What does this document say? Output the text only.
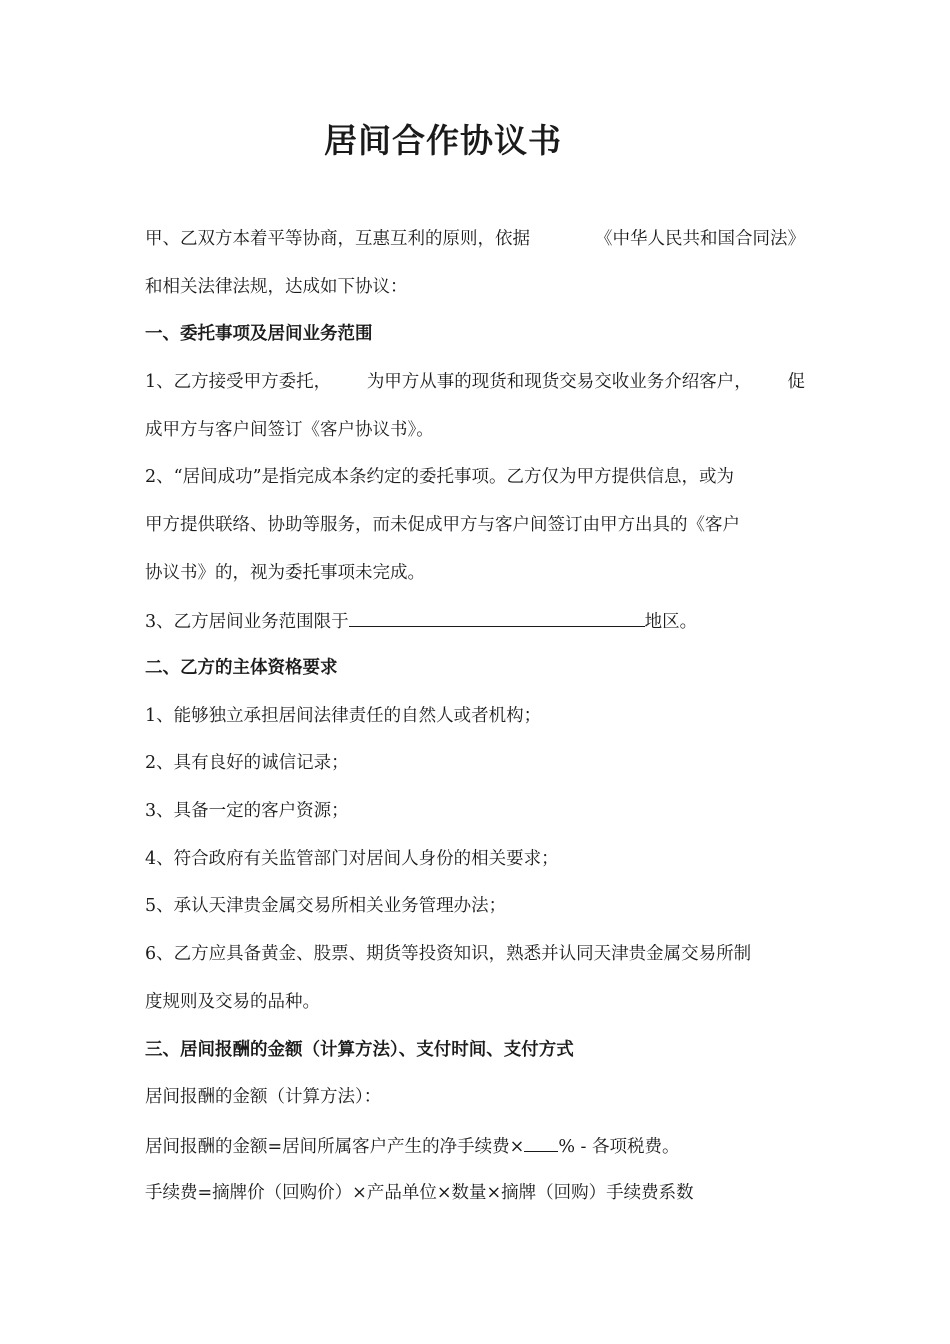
居间合作协议书
甲、乙双方本着平等协商，互惠互利的原则，依据	《中华人民共和国合同法》
和相关法律法规，达成如下协议：
一、委托事项及居间业务范围
1、乙方接受甲方委托， 为甲方从事的现货和现货交易交收业务介绍客户， 促
成甲方与客户间签订《客户协议书》。
2、“居间成功”是指完成本条约定的委托事项。乙方仅为甲方提供信息，或为
甲方提供联络、协助等服务，而未促成甲方与客户间签订由甲方出具的《客户
协议书》的，视为委托事项未完成。
3、乙方居间业务范围限于	地区。
二、乙方的主体资格要求
1、能够独立承担居间法律责任的自然人或者机构；
2、具有良好的诚信记录；
3、具备一定的客户资源；
4、符合政府有关监管部门对居间人身份的相关要求；
5、承认天津贵金属交易所相关业务管理办法；
6、乙方应具备黄金、股票、期货等投资知识，熟悉并认同天津贵金属交易所制
度规则及交易的品种。
三、居间报酬的金额（计算方法）、支付时间、支付方式
居间报酬的金额（计算方法）：
居间报酬的金额=居间所属客户产生的净手续费× % - 各项税费。
手续费=摘牌价（回购价）×产品单位×数量×摘牌（回购）手续费系数
